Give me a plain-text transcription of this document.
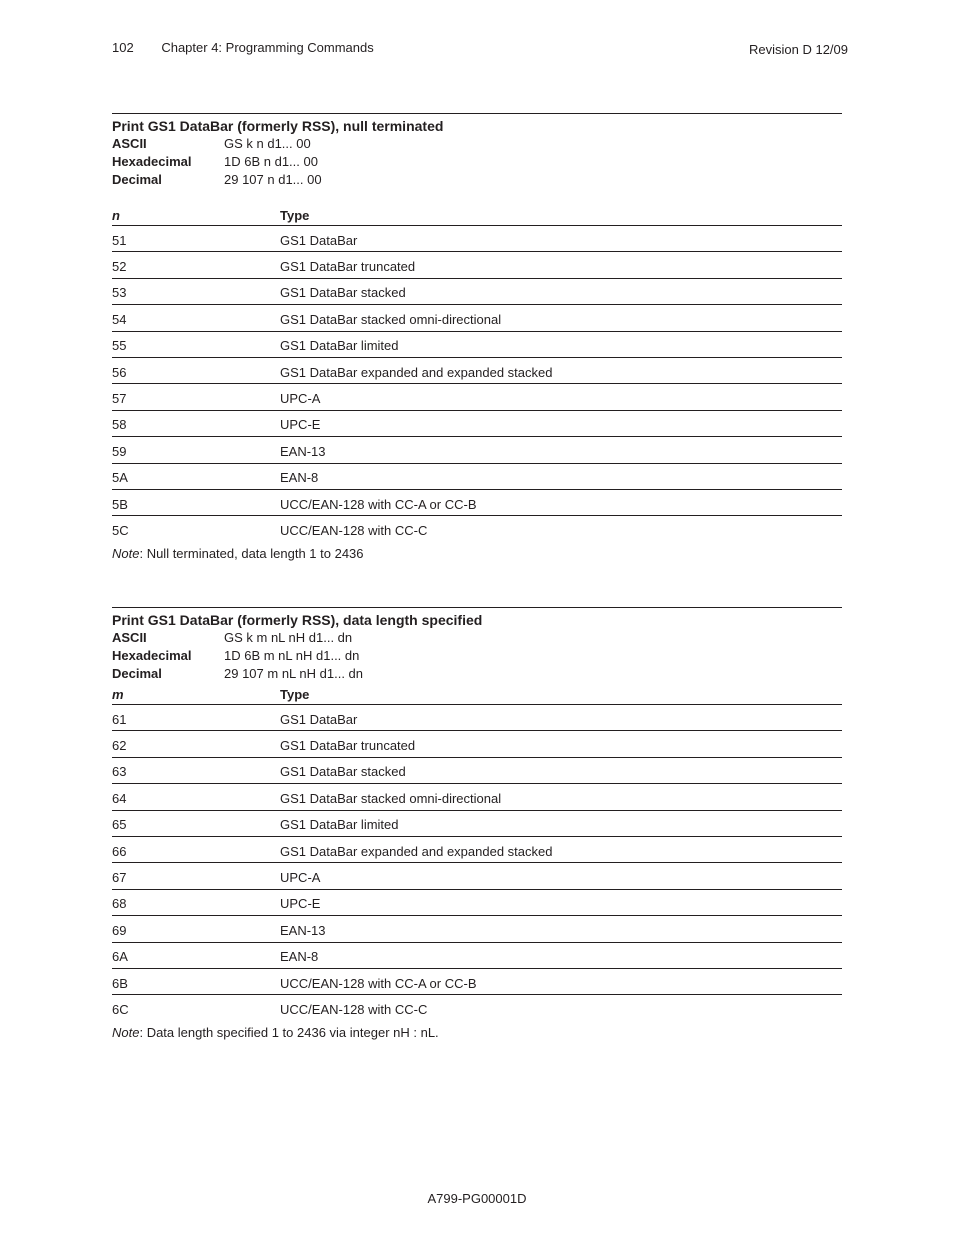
102 Chapter 4: Programming Commands	Revision D 12/09
Print GS1 DataBar (formerly RSS), null terminated
ASCII	GS k n d1... 00
Hexadecimal	1D 6B n d1... 00
Decimal	29 107 n d1... 00
n	Type
51	GS1 DataBar
52	GS1 DataBar truncated
53	GS1 DataBar stacked
54	GS1 DataBar stacked omni-directional
55	GS1 DataBar limited
56	GS1 DataBar expanded and expanded stacked
57	UPC-A
58	UPC-E
59	EAN-13
5A	EAN-8
5B	UCC/EAN-128 with CC-A or CC-B
5C	UCC/EAN-128 with CC-C
Note: Null terminated, data length 1 to 2436
Print GS1 DataBar (formerly RSS), data length specified
ASCII	GS k m nL nH d1... dn
Hexadecimal	1D 6B m nL nH d1... dn
Decimal	29 107 m nL nH d1... dn
m	Type
61	GS1 DataBar
62	GS1 DataBar truncated
63	GS1 DataBar stacked
64	GS1 DataBar stacked omni-directional
65	GS1 DataBar limited
66	GS1 DataBar expanded and expanded stacked
67	UPC-A
68	UPC-E
69	EAN-13
6A	EAN-8
6B	UCC/EAN-128 with CC-A or CC-B
6C	UCC/EAN-128 with CC-C
Note: Data length specified 1 to 2436 via integer nH : nL.
A799-PG00001D
